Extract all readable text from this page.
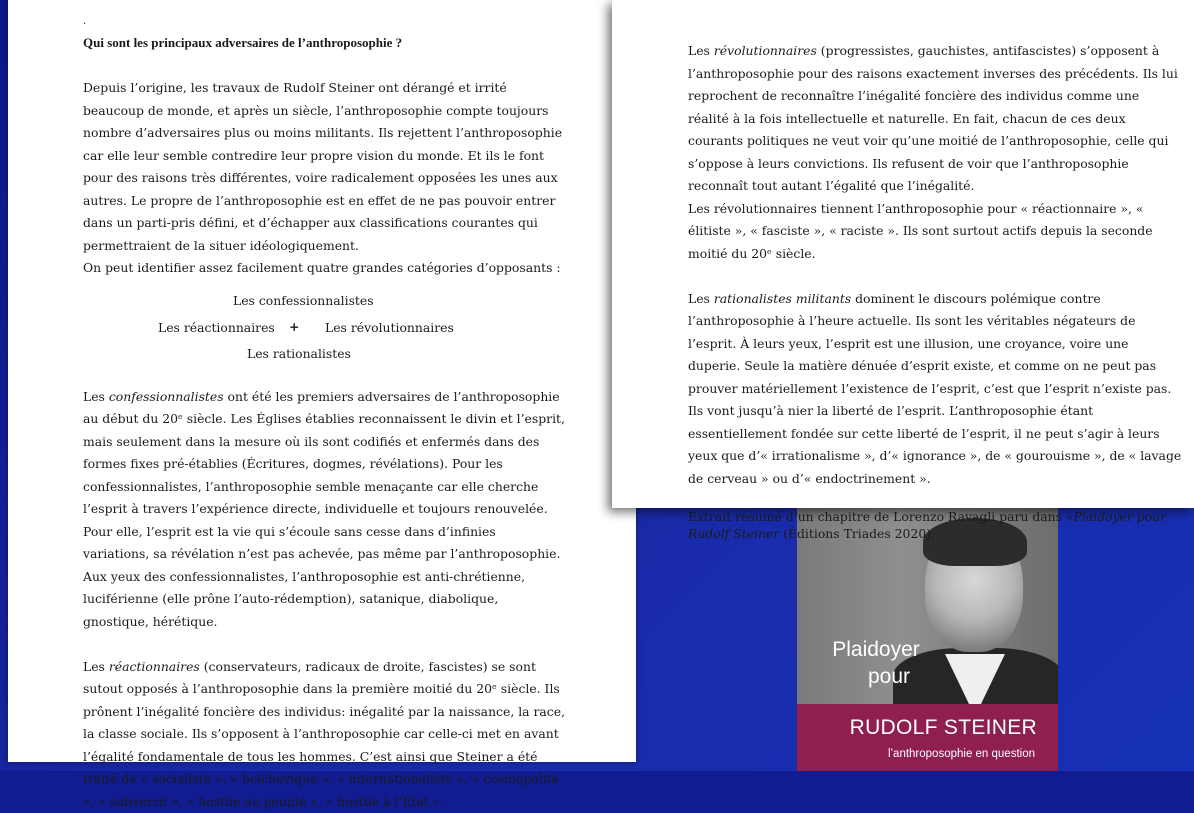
.

Qui sont les principaux adversaires de l’anthroposophie ?

Depuis l’origine, les travaux de Rudolf Steiner ont dérangé et irrité beaucoup de monde, et après un siècle, l’anthroposophie compte toujours nombre d’adversaires plus ou moins militants. Ils rejettent l’anthroposophie car elle leur semble contredire leur propre vision du monde. Et ils le font pour des raisons très différentes, voire radicalement opposées les unes aux autres. Le propre de l’anthroposophie est en effet de ne pas pouvoir entrer dans un parti-pris défini, et d’échapper aux classifications courantes qui permettraient de la situer idéologiquement.

On peut identifier assez facilement quatre grandes catégories d’opposants :

Les confessionnalistes
Les réactionnaires + Les révolutionnaires
Les rationalistes

Les confessionnalistes ont été les premiers adversaires de l’anthroposophie au début du 20ᵉ siècle. Les Églises établies reconnaissent le divin et l’esprit, mais seulement dans la mesure où ils sont codifiés et enfermés dans des formes fixes pré-établies (Écritures, dogmes, révélations). Pour les confessionnalistes, l’anthroposophie semble menaçante car elle cherche l’esprit à travers l’expérience directe, individuelle et toujours renouvelée. Pour elle, l’esprit est la vie qui s’écoule sans cesse dans d’infinies variations, sa révélation n’est pas achevée, pas même par l’anthroposophie.

Aux yeux des confessionnalistes, l’anthroposophie est anti-chrétienne, luciférienne (elle prône l’auto-rédemption), satanique, diabolique, gnostique, hérétique.

Les réactionnaires (conservateurs, radicaux de droite, fascistes) se sont sutout opposés à l’anthroposophie dans la première moitié du 20ᵉ siècle. Ils prônent l’inégalité foncière des individus: inégalité par la naissance, la race, la classe sociale. Ils s’opposent à l’anthroposophie car celle-ci met en avant l’égalité fondamentale de tous les hommes. C’est ainsi que Steiner a été traité de « socialiste », « bolchevique », « internationaliste », « cosmopolite », « subversif », « hostile au peuple », « hostile à l’État ».

Plaidoyer
pour
RUDOLF STEINER
l’anthroposophie en question

Les révolutionnaires (progressistes, gauchistes, antifascistes) s’opposent à l’anthroposophie pour des raisons exactement inverses des précédents. Ils lui reprochent de reconnaître l’inégalité foncière des individus comme une réalité à la fois intellectuelle et naturelle. En fait, chacun de ces deux courants politiques ne veut voir qu’une moitié de l’anthroposophie, celle qui s’oppose à leurs convictions. Ils refusent de voir que l’anthroposophie reconnaît tout autant l’égalité que l’inégalité.

Les révolutionnaires tiennent l’anthroposophie pour « réactionnaire », « élitiste », « fasciste », « raciste ». Ils sont surtout actifs depuis la seconde moitié du 20ᵉ siècle.

Les rationalistes militants dominent le discours polémique contre l’anthroposophie à l’heure actuelle. Ils sont les véritables négateurs de l’esprit. À leurs yeux, l’esprit est une illusion, une croyance, voire une duperie. Seule la matière dénuée d’esprit existe, et comme on ne peut pas prouver matériellement l’existence de l’esprit, c’est que l’esprit n’existe pas. Ils vont jusqu’à nier la liberté de l’esprit. L’anthroposophie étant essentiellement fondée sur cette liberté de l’esprit, il ne peut s’agir à leurs yeux que d’« irrationalisme », d’« ignorance », de « gourouisme », de « lavage de cerveau » ou d’« endoctrinement ».

Extrait résumé d’un chapitre de Lorenzo Ravagli paru dans «Plaidoyer pour Rudolf Steiner (Éditions Triades 2020).
